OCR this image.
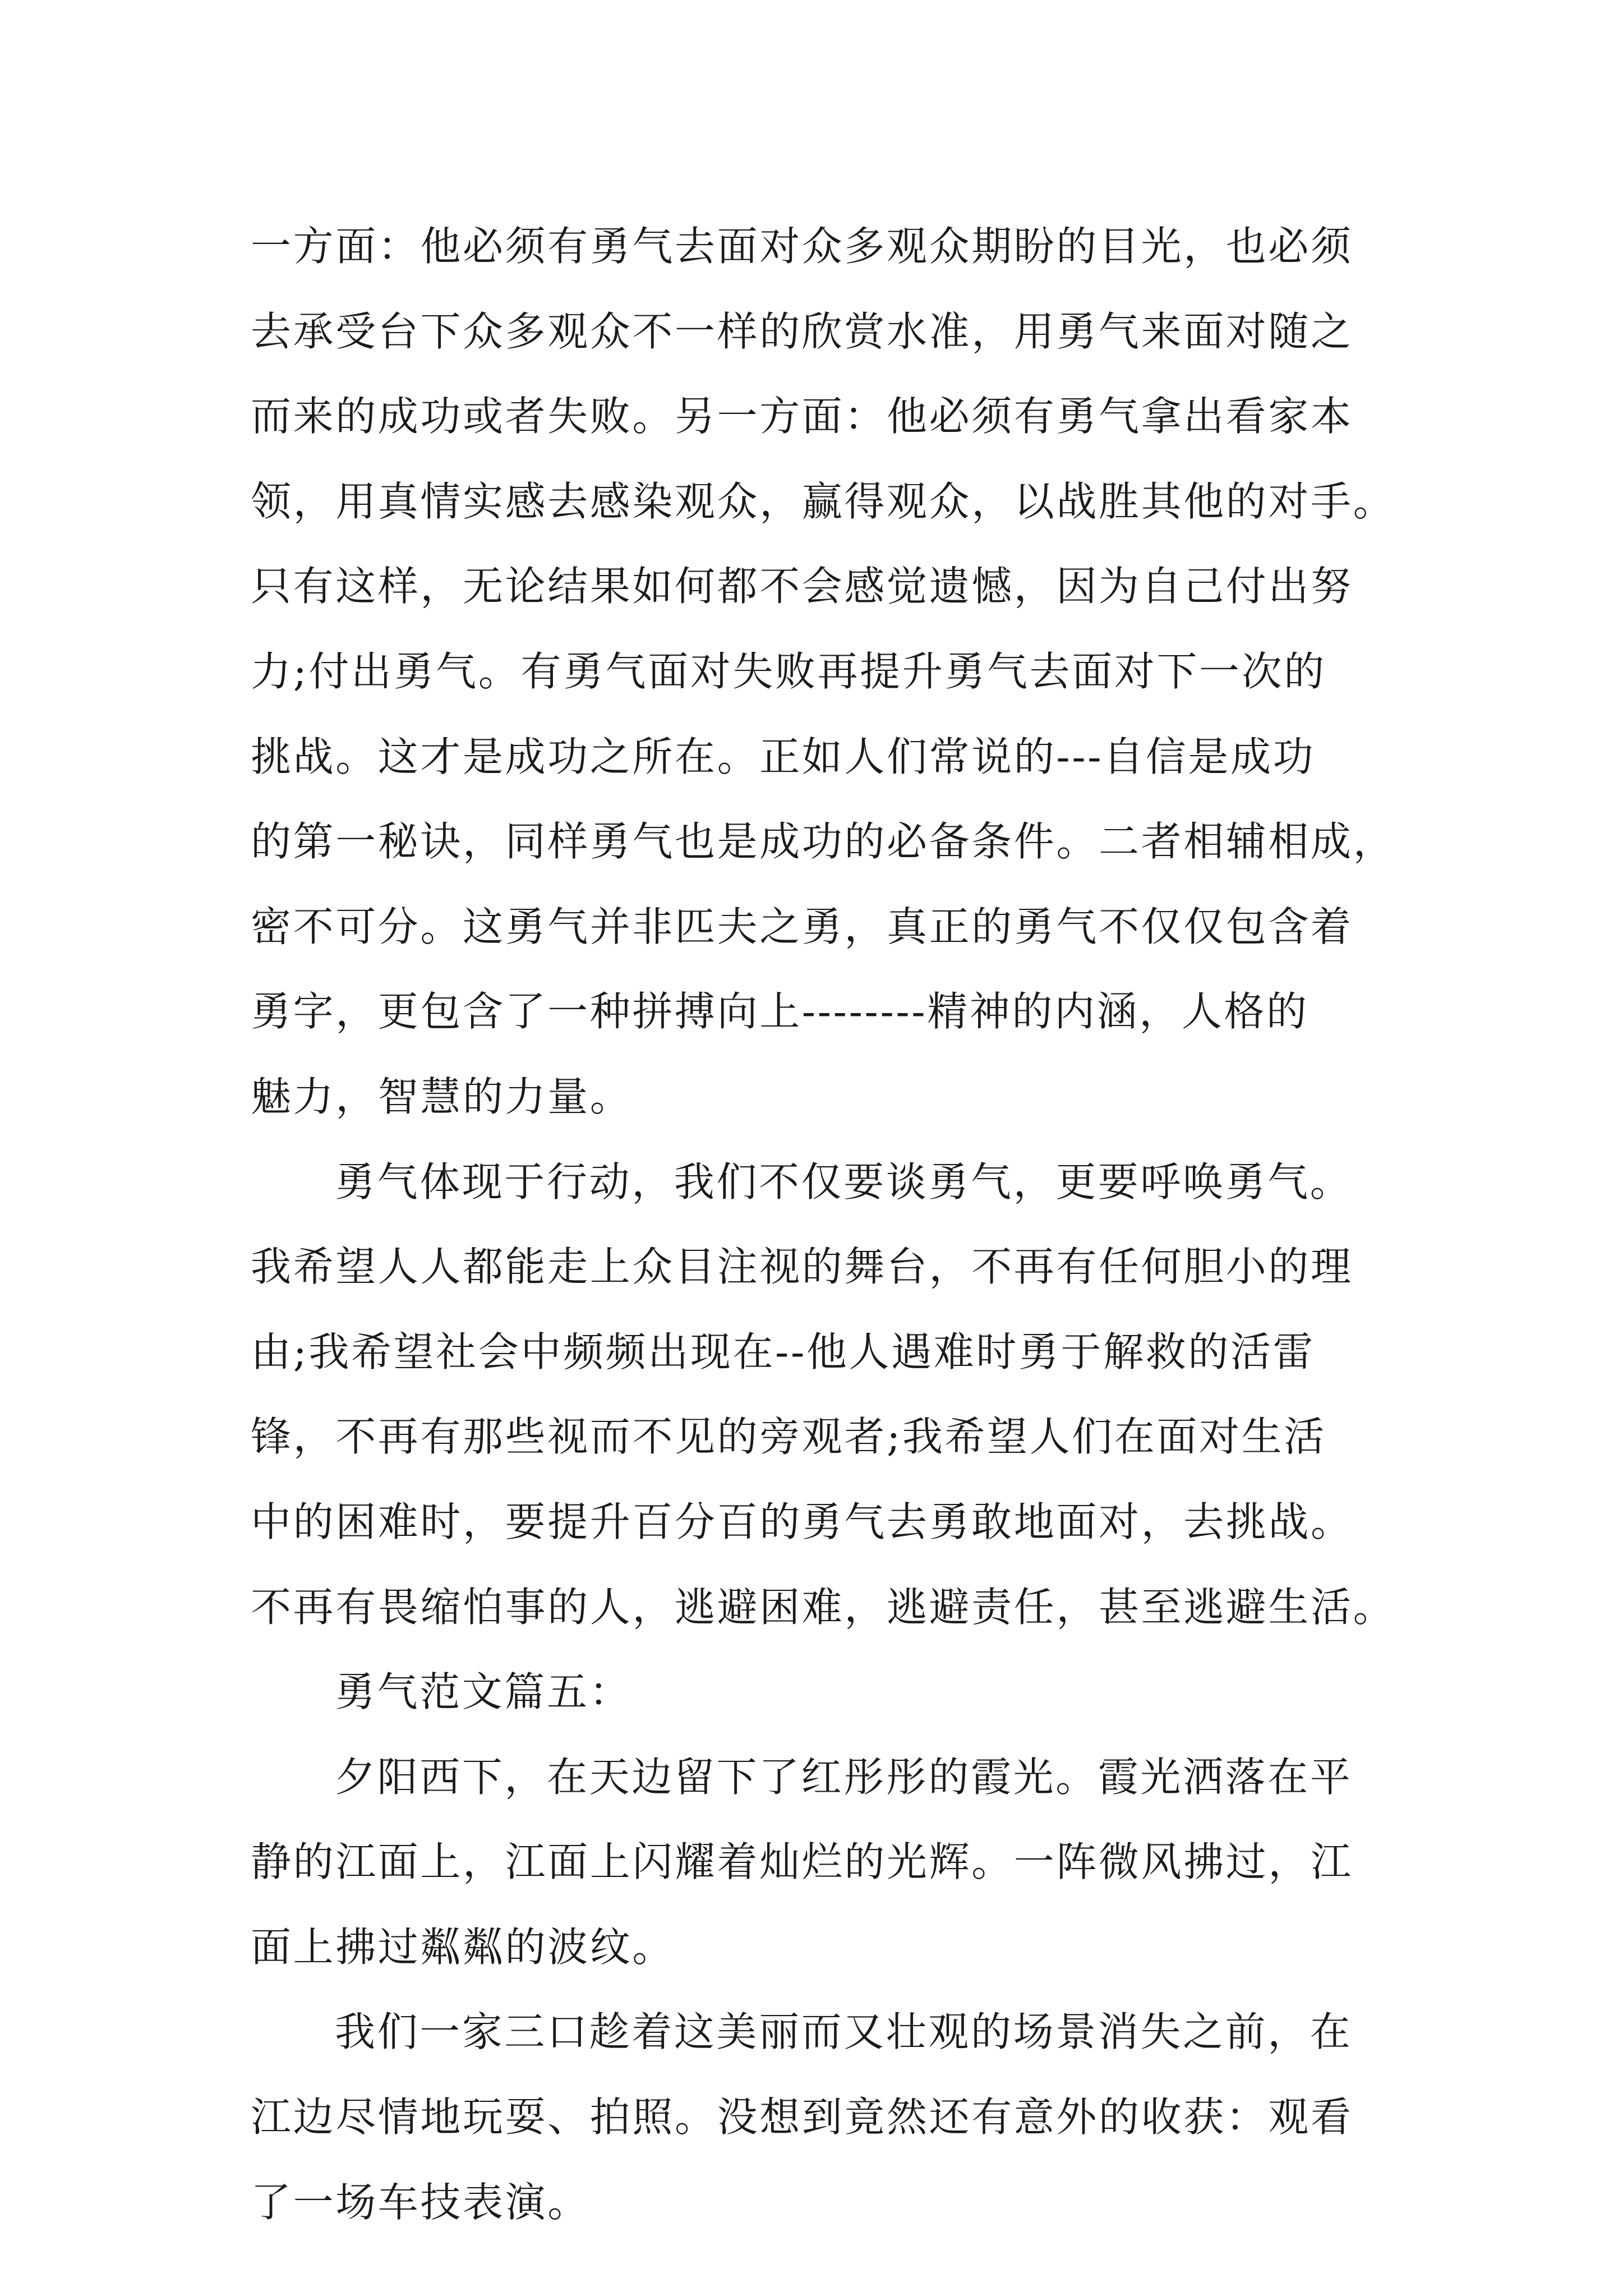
一方面：他必须有勇气去面对众多观众期盼的目光，也必须
去承受台下众多观众不一样的欣赏水准，用勇气来面对随之
而来的成功或者失败。另一方面：他必须有勇气拿出看家本
领，用真情实感去感染观众，赢得观众，以战胜其他的对手。
只有这样，无论结果如何都不会感觉遗憾，因为自己付出努
力;付出勇气。有勇气面对失败再提升勇气去面对下一次的
挑战。这才是成功之所在。正如人们常说的---自信是成功
的第一秘诀，同样勇气也是成功的必备条件。二者相辅相成，
密不可分。这勇气并非匹夫之勇，真正的勇气不仅仅包含着
勇字，更包含了一种拼搏向上--------精神的内涵，人格的
魅力，智慧的力量。
勇气体现于行动，我们不仅要谈勇气，更要呼唤勇气。
我希望人人都能走上众目注视的舞台，不再有任何胆小的理
由;我希望社会中频频出现在--他人遇难时勇于解救的活雷
锋，不再有那些视而不见的旁观者;我希望人们在面对生活
中的困难时，要提升百分百的勇气去勇敢地面对，去挑战。
不再有畏缩怕事的人，逃避困难，逃避责任，甚至逃避生活。
勇气范文篇五：
夕阳西下，在天边留下了红彤彤的霞光。霞光洒落在平
静的江面上，江面上闪耀着灿烂的光辉。一阵微风拂过，江
面上拂过粼粼的波纹。
我们一家三口趁着这美丽而又壮观的场景消失之前，在
江边尽情地玩耍、拍照。没想到竟然还有意外的收获：观看
了一场车技表演。
